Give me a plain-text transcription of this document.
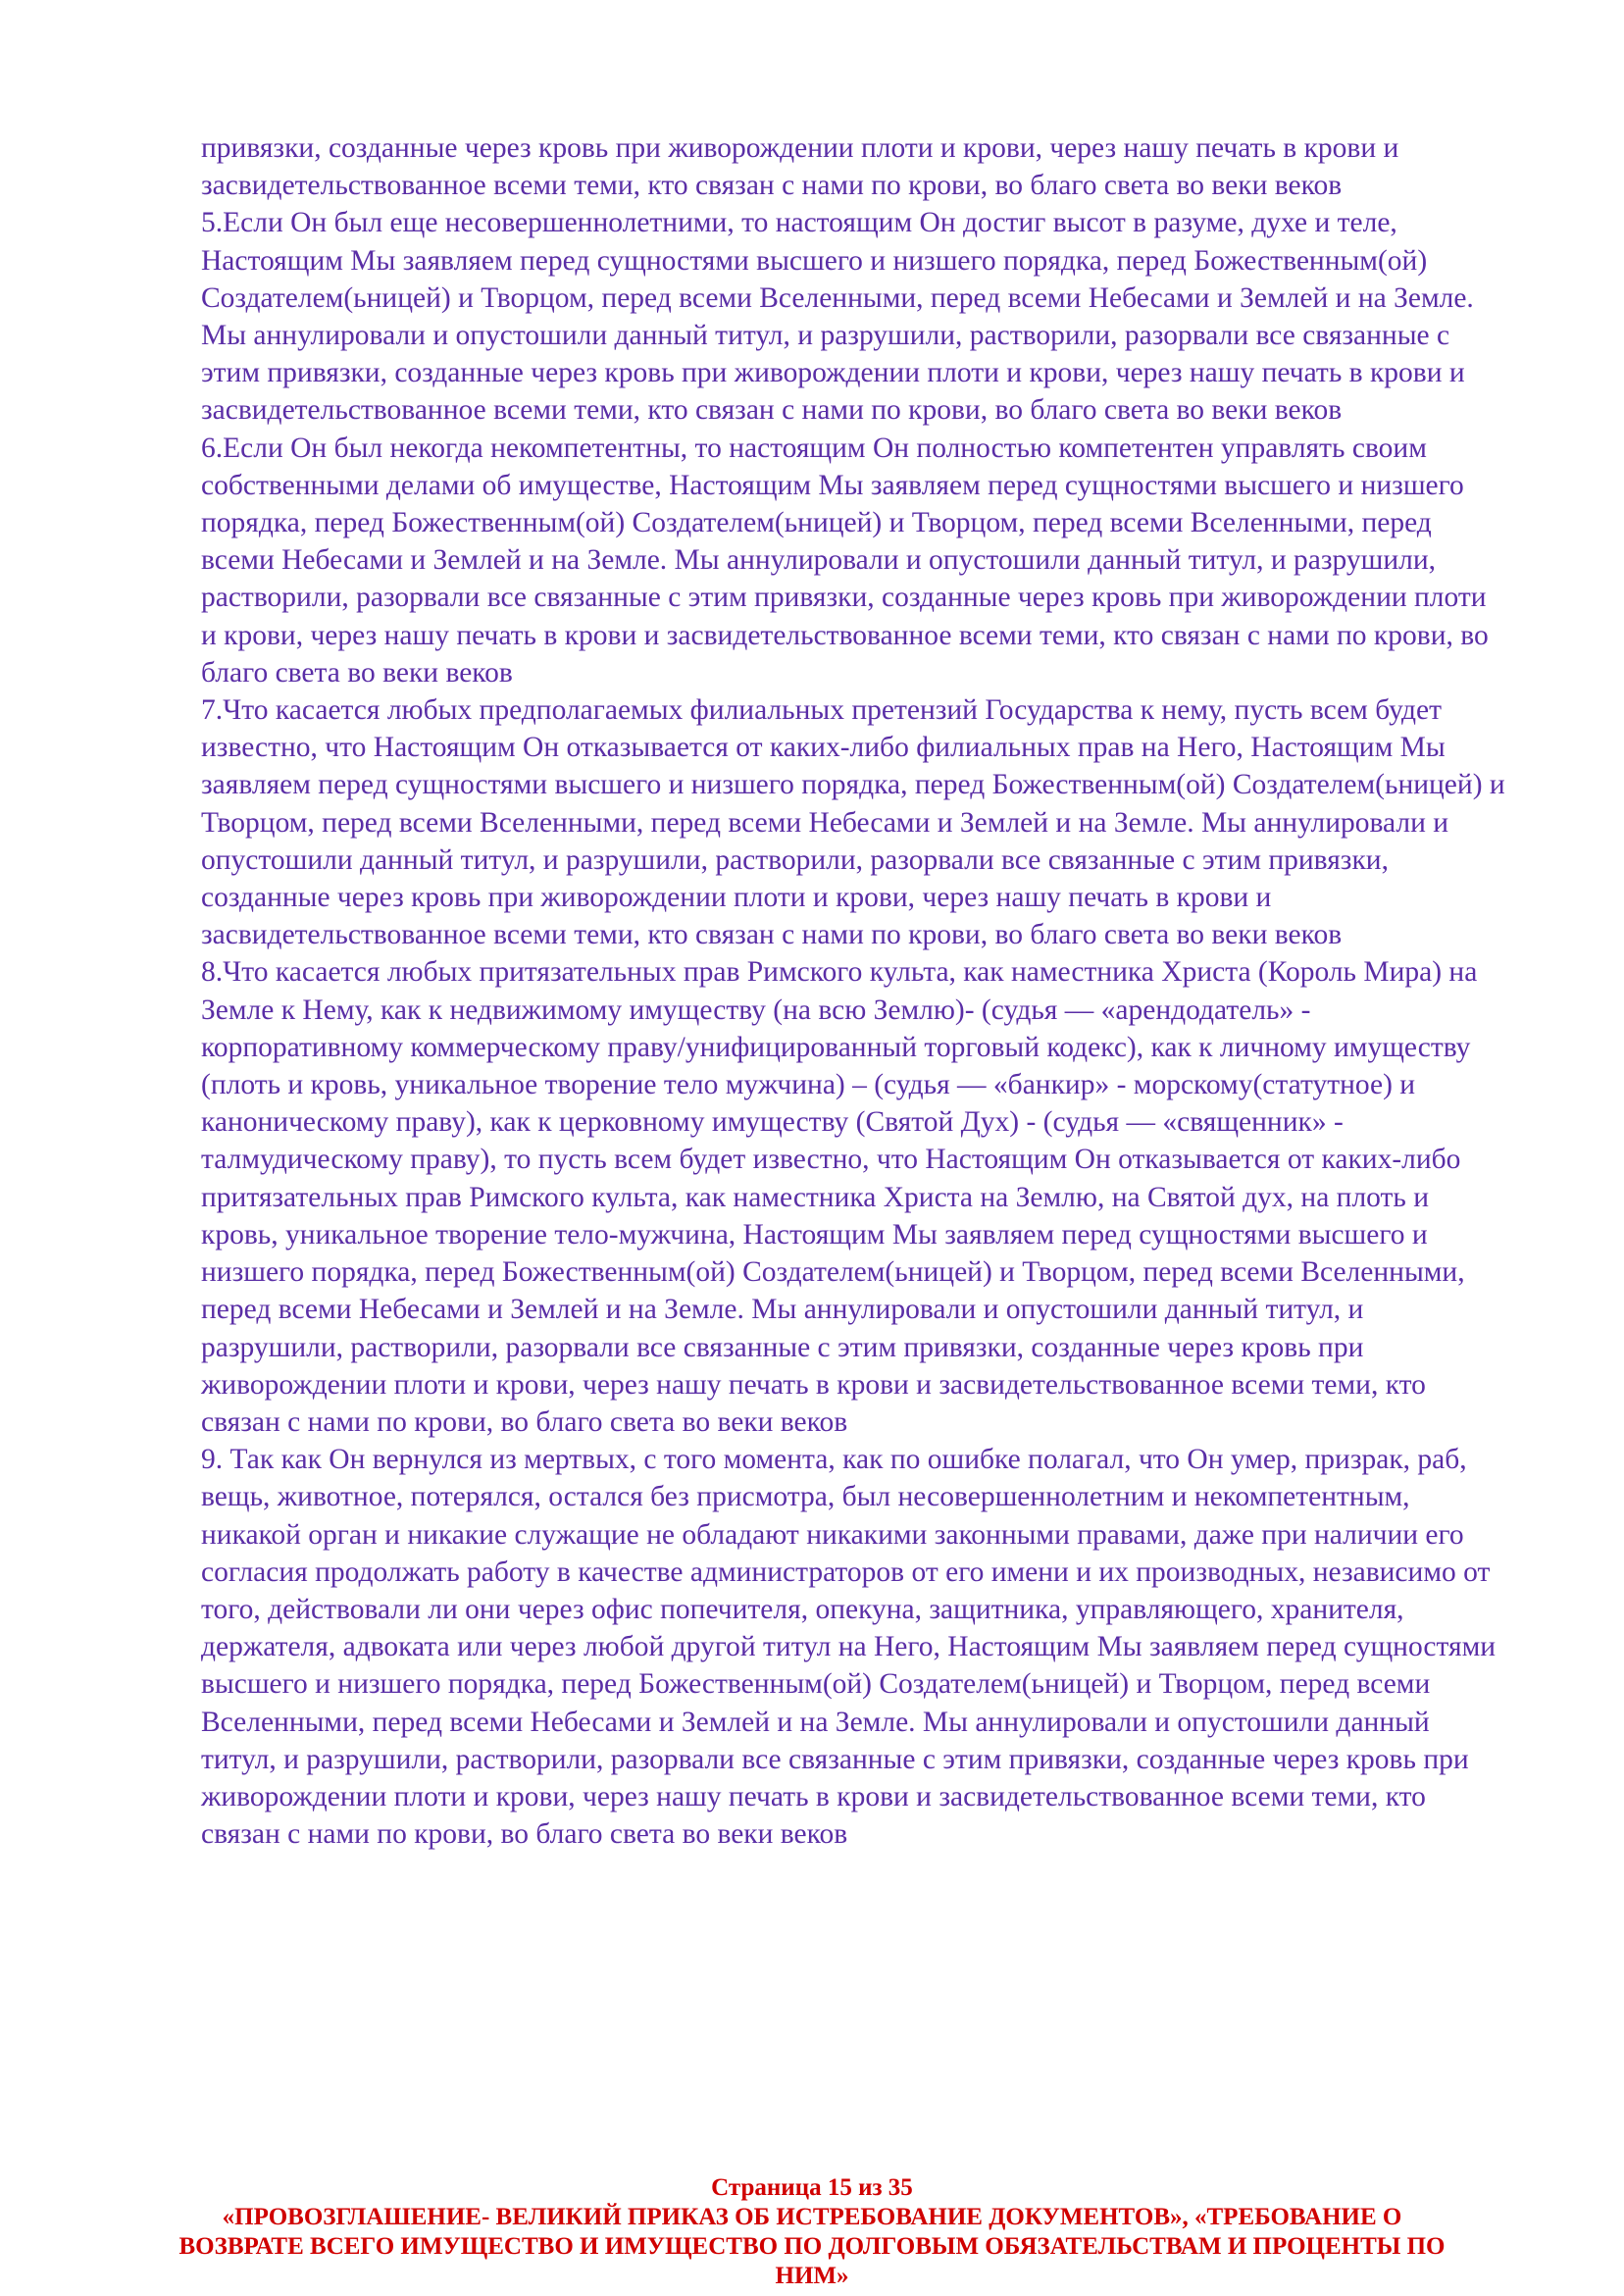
привязки, созданные через кровь при живорождении плоти и крови, через нашу печать в крови и засвидетельствованное всеми теми, кто связан с нами по крови, во благо света во веки веков

5.Если Он был еще несовершеннолетними, то настоящим Он достиг высот в разуме, духе и теле, Настоящим Мы заявляем перед сущностями высшего и низшего порядка, перед Божественным(ой) Создателем(ьницей) и Творцом, перед всеми Вселенными, перед всеми Небесами и Землей и на Земле. Мы аннулировали и опустошили данный титул, и разрушили, растворили, разорвали все связанные с этим привязки, созданные через кровь при живорождении плоти и крови, через нашу печать в крови и засвидетельствованное всеми теми, кто связан с нами по крови, во благо света во веки веков

6.Если Он был некогда некомпетентны, то настоящим Он полностью компетентен управлять своим собственными делами об имуществе, Настоящим Мы заявляем перед сущностями высшего и низшего порядка, перед Божественным(ой) Создателем(ьницей) и Творцом, перед всеми Вселенными, перед всеми Небесами и Землей и на Земле. Мы аннулировали и опустошили данный титул, и разрушили, растворили, разорвали все связанные с этим привязки, созданные через кровь при живорождении плоти и крови, через нашу печать в крови и засвидетельствованное всеми теми, кто связан с нами по крови, во благо света во веки веков

7.Что касается любых предполагаемых филиальных претензий Государства к нему, пусть всем будет известно, что Настоящим Он отказывается от каких-либо филиальных прав на Него, Настоящим Мы заявляем перед сущностями высшего и низшего порядка, перед Божественным(ой) Создателем(ьницей) и Творцом, перед всеми Вселенными, перед всеми Небесами и Землей и на Земле. Мы аннулировали и опустошили данный титул, и разрушили, растворили, разорвали все связанные с этим привязки, созданные через кровь при живорождении плоти и крови, через нашу печать в крови и засвидетельствованное всеми теми, кто связан с нами по крови, во благо света во веки веков

8.Что касается любых притязательных прав Римского культа, как наместника Христа (Король Мира) на Земле к Нему, как к недвижимому имуществу (на всю Землю)- (судья — «арендодатель» - корпоративному коммерческому праву/унифицированный торговый кодекс), как к личному имуществу (плоть и кровь, уникальное творение тело мужчина) – (судья — «банкир» - морскому(статутное) и каноническому праву), как к церковному имуществу (Святой Дух) - (судья — «священник» - талмудическому праву), то пусть всем будет известно, что Настоящим Он отказывается от каких-либо притязательных прав Римского культа, как наместника Христа на Землю, на Святой дух, на плоть и кровь, уникальное творение тело-мужчина, Настоящим Мы заявляем перед сущностями высшего и низшего порядка, перед Божественным(ой) Создателем(ьницей) и Творцом, перед всеми Вселенными, перед всеми Небесами и Землей и на Земле. Мы аннулировали и опустошили данный титул, и разрушили, растворили, разорвали все связанные с этим привязки, созданные через кровь при живорождении плоти и крови, через нашу печать в крови и засвидетельствованное всеми теми, кто связан с нами по крови, во благо света во веки веков

9. Так как Он вернулся из мертвых, с того момента, как по ошибке полагал, что Он умер, призрак, раб, вещь, животное, потерялся, остался без присмотра, был несовершеннолетним и некомпетентным, никакой орган и никакие служащие не обладают никакими законными правами, даже при наличии его согласия продолжать работу в качестве администраторов от его имени и их производных, независимо от того, действовали ли они через офис попечителя, опекуна, защитника, управляющего, хранителя, держателя, адвоката или через любой другой титул на Него, Настоящим Мы заявляем перед сущностями высшего и низшего порядка, перед Божественным(ой) Создателем(ьницей) и Творцом, перед всеми Вселенными, перед всеми Небесами и Землей и на Земле. Мы аннулировали и опустошили данный титул, и разрушили, растворили, разорвали все связанные с этим привязки, созданные через кровь при живорождении плоти и крови, через нашу печать в крови и засвидетельствованное всеми теми, кто связан с нами по крови, во благо света во веки веков

Страница 15 из 35
«ПРОВОЗГЛАШЕНИЕ- ВЕЛИКИЙ ПРИКАЗ ОБ ИСТРЕБОВАНИЕ ДОКУМЕНТОВ», «ТРЕБОВАНИЕ О
ВОЗВРАТЕ ВСЕГО ИМУЩЕСТВО И ИМУЩЕСТВО ПО ДОЛГОВЫМ ОБЯЗАТЕЛЬСТВАМ И ПРОЦЕНТЫ ПО
НИМ»
